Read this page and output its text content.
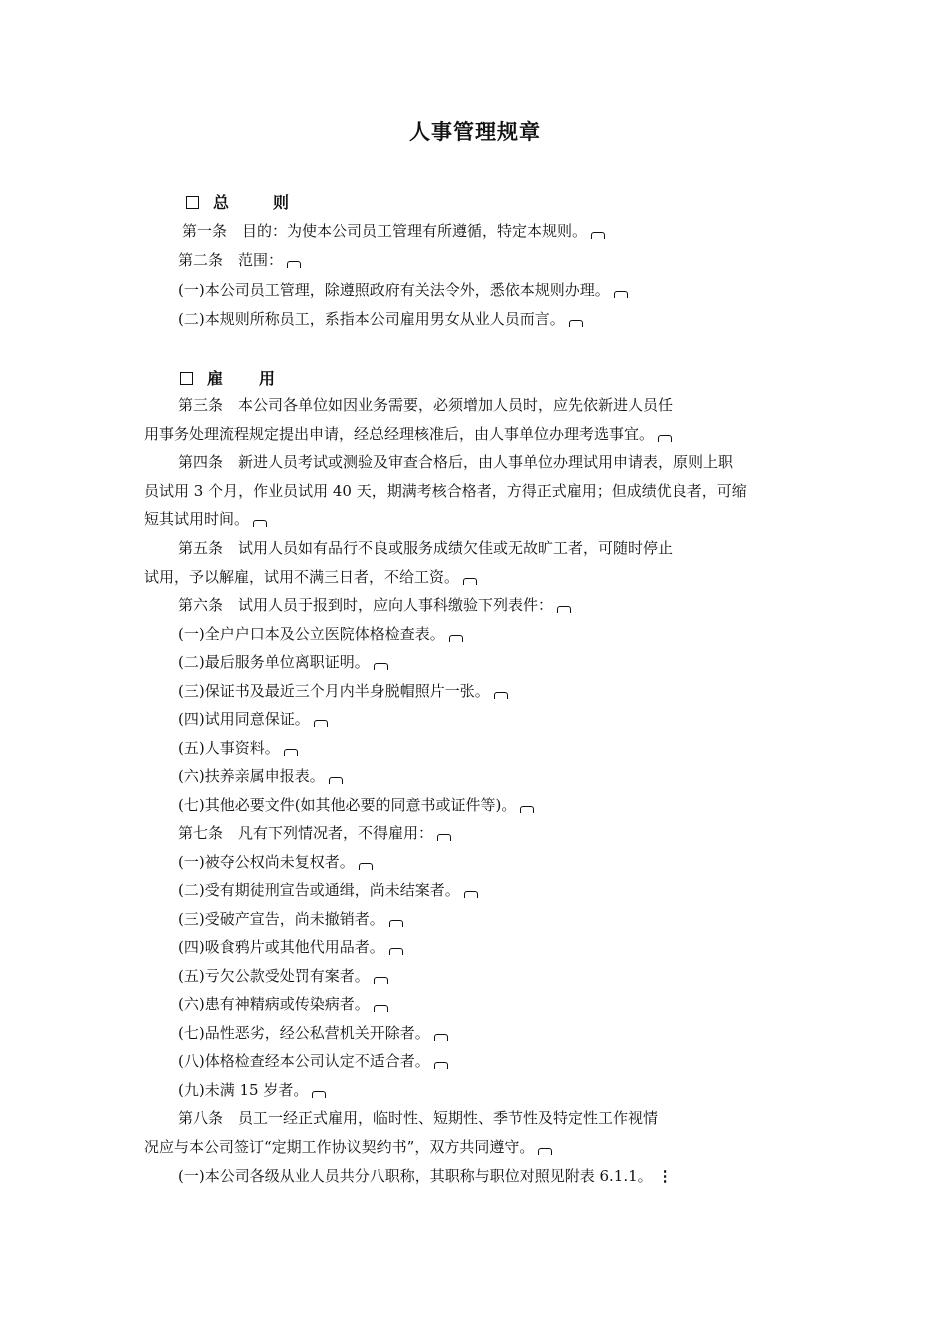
人事管理规章
总	则
第一条　目的：为使本公司员工管理有所遵循，特定本规则。
第二条　范围：
(一)本公司员工管理，除遵照政府有关法令外，悉依本规则办理。
(二)本规则所称员工，系指本公司雇用男女从业人员而言。
雇 用
第三条　本公司各单位如因业务需要，必须增加人员时，应先依新进人员任
用事务处理流程规定提出申请，经总经理核准后，由人事单位办理考选事宜。
第四条　新进人员考试或测验及审查合格后，由人事单位办理试用申请表，原则上职
员试用 3 个月，作业员试用 40 天，期满考核合格者，方得正式雇用；但成绩优良者，可缩
短其试用时间。
第五条　试用人员如有品行不良或服务成绩欠佳或无故旷工者，可随时停止
试用，予以解雇，试用不满三日者，不给工资。
第六条　试用人员于报到时，应向人事科缴验下列表件：
(一)全户户口本及公立医院体格检查表。
(二)最后服务单位离职证明。
(三)保证书及最近三个月内半身脱帽照片一张。
(四)试用同意保证。
(五)人事资料。
(六)扶养亲属申报表。
(七)其他必要文件(如其他必要的同意书或证件等)。
第七条　凡有下列情况者，不得雇用：
(一)被夺公权尚未复权者。
(二)受有期徒刑宣告或通缉，尚未结案者。
(三)受破产宣告，尚未撤销者。
(四)吸食鸦片或其他代用品者。
(五)亏欠公款受处罚有案者。
(六)患有神精病或传染病者。
(七)品性恶劣，经公私营机关开除者。
(八)体格检查经本公司认定不适合者。
(九)未满 15 岁者。
第八条　员工一经正式雇用，临时性、短期性、季节性及特定性工作视情
况应与本公司签订“定期工作协议契约书”，双方共同遵守。
(一)本公司各级从业人员共分八职称，其职称与职位对照见附表 6.1.1。 ⋮
